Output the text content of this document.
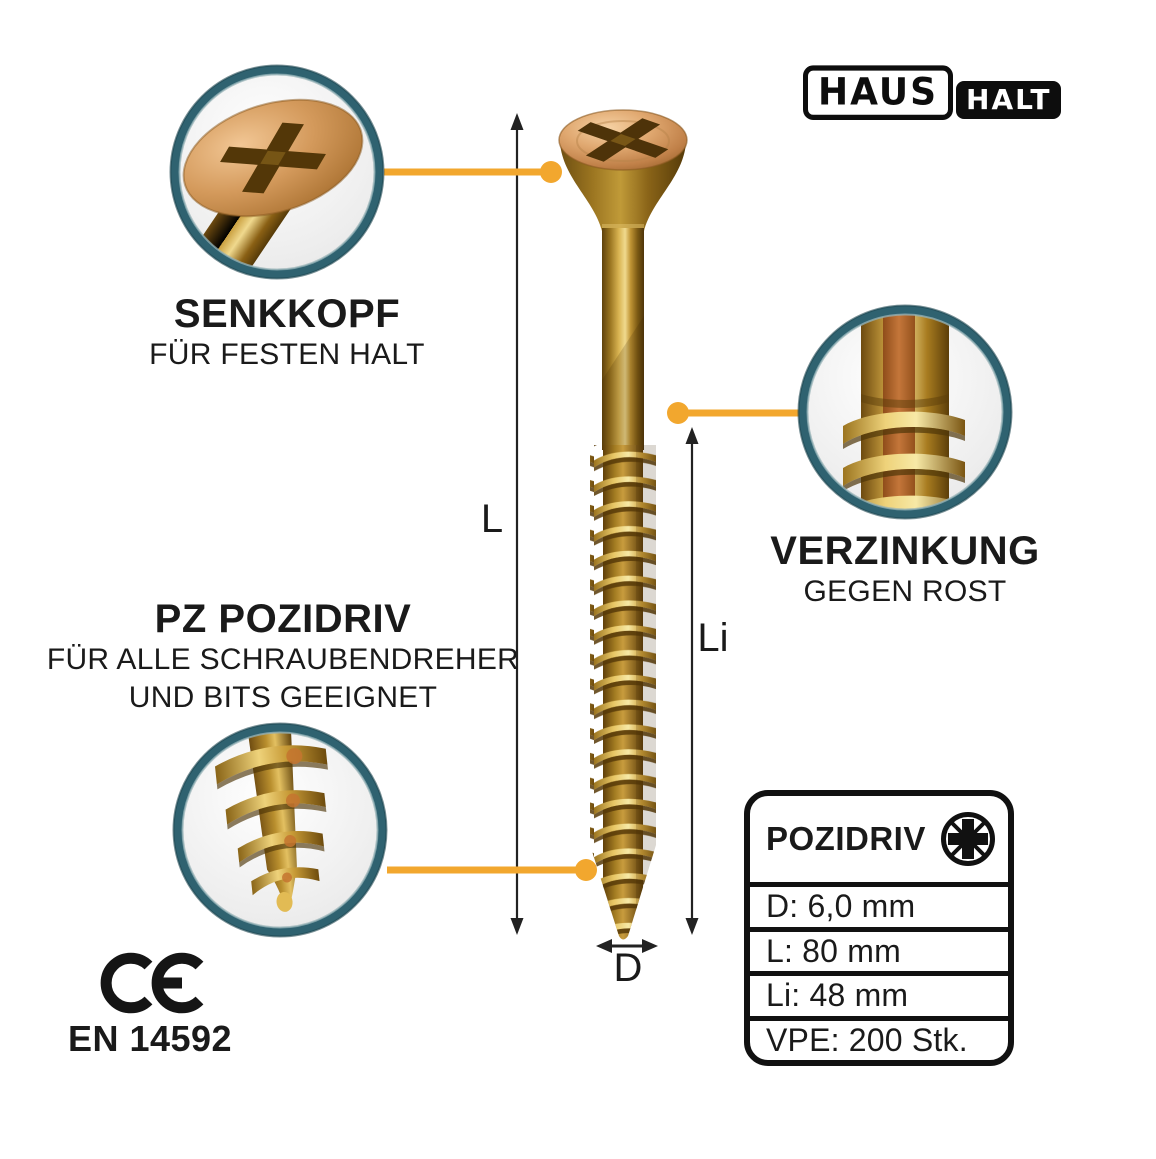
HAUS	HALT
SENKKOPF
FÜR FESTEN HALT
VERZINKUNG
GEGEN ROST
PZ POZIDRIV
FÜR ALLE SCHRAUBENDREHER
UND BITS GEEIGNET
L
Li
D
EN 14592
POZIDRIV
D: 6,0 mm
L: 80 mm
Li: 48 mm
VPE: 200 Stk.
